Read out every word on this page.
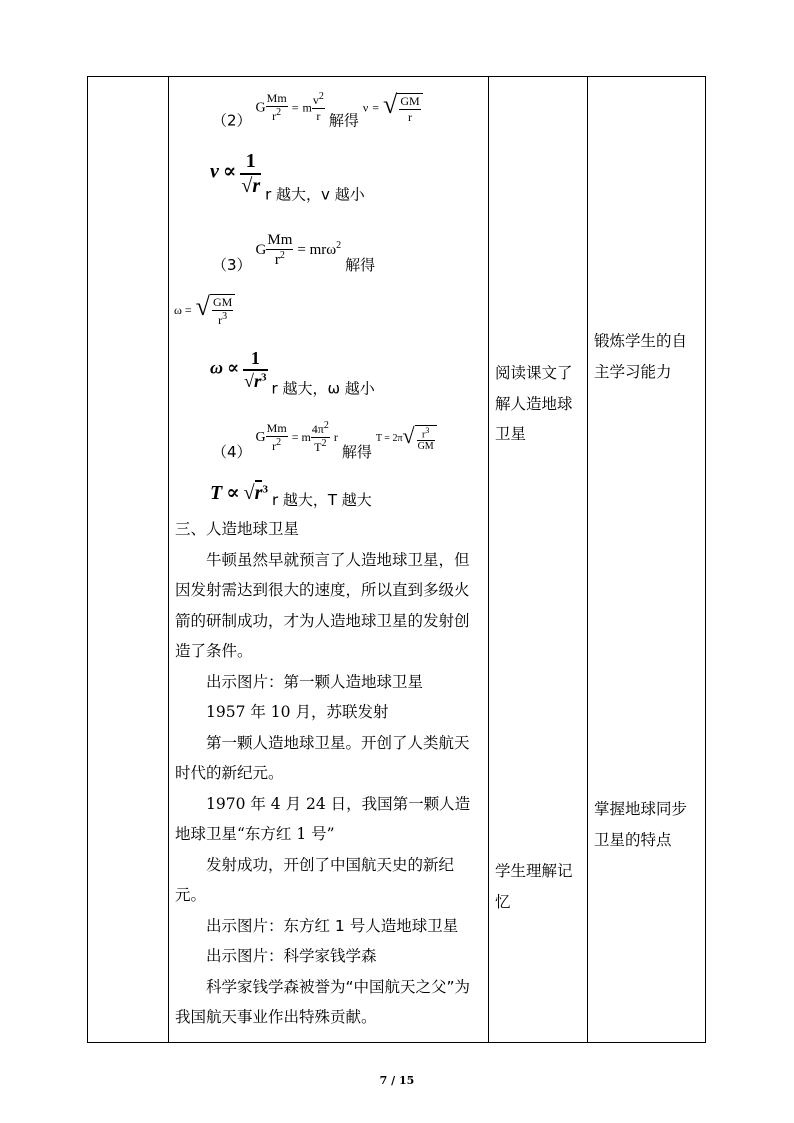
（2） G $\frac{Mm}{r^2} = m \frac{v^2}{r}$ 解得 ν = √ $\frac{GM}{r}$
$v \propto \frac{1}{√r}$ r 越大，v 越小
（3） G $\frac{Mm}{r^2} = mr\omega^2$ 解得
ω = √ $\frac{GM}{r^3}$
$\omega \propto \frac{1}{√r^3}$ r 越大，ω 越小
（4） G $\frac{Mm}{r^2} = m \frac{4\pi^2}{T^2}$ r 解得 $T = 2\pi√ \frac{r^3}{GM}$
$T \propto √r^3$ r 越大，T 越大

三、人造地球卫星

牛顿虽然早就预言了人造地球卫星，但因发射需达到很大的速度，所以直到多级火箭的研制成功，才为人造地球卫星的发射创造了条件。

出示图片：第一颗人造地球卫星

1957 年 10 月，苏联发射

第一颗人造地球卫星。开创了人类航天时代的新纪元。

1970 年 4 月 24 日，我国第一颗人造地球卫星“东方红 1 号”

发射成功，开创了中国航天史的新纪元。

出示图片：东方红 1 号人造地球卫星

出示图片：科学家钱学森

科学家钱学森被誉为“中国航天之父”为我国航天事业作出特殊贡献。

阅读课文了解人造地球卫星
学生理解记忆
锻炼学生的自主学习能力
掌握地球同步卫星的特点
7 / 15
